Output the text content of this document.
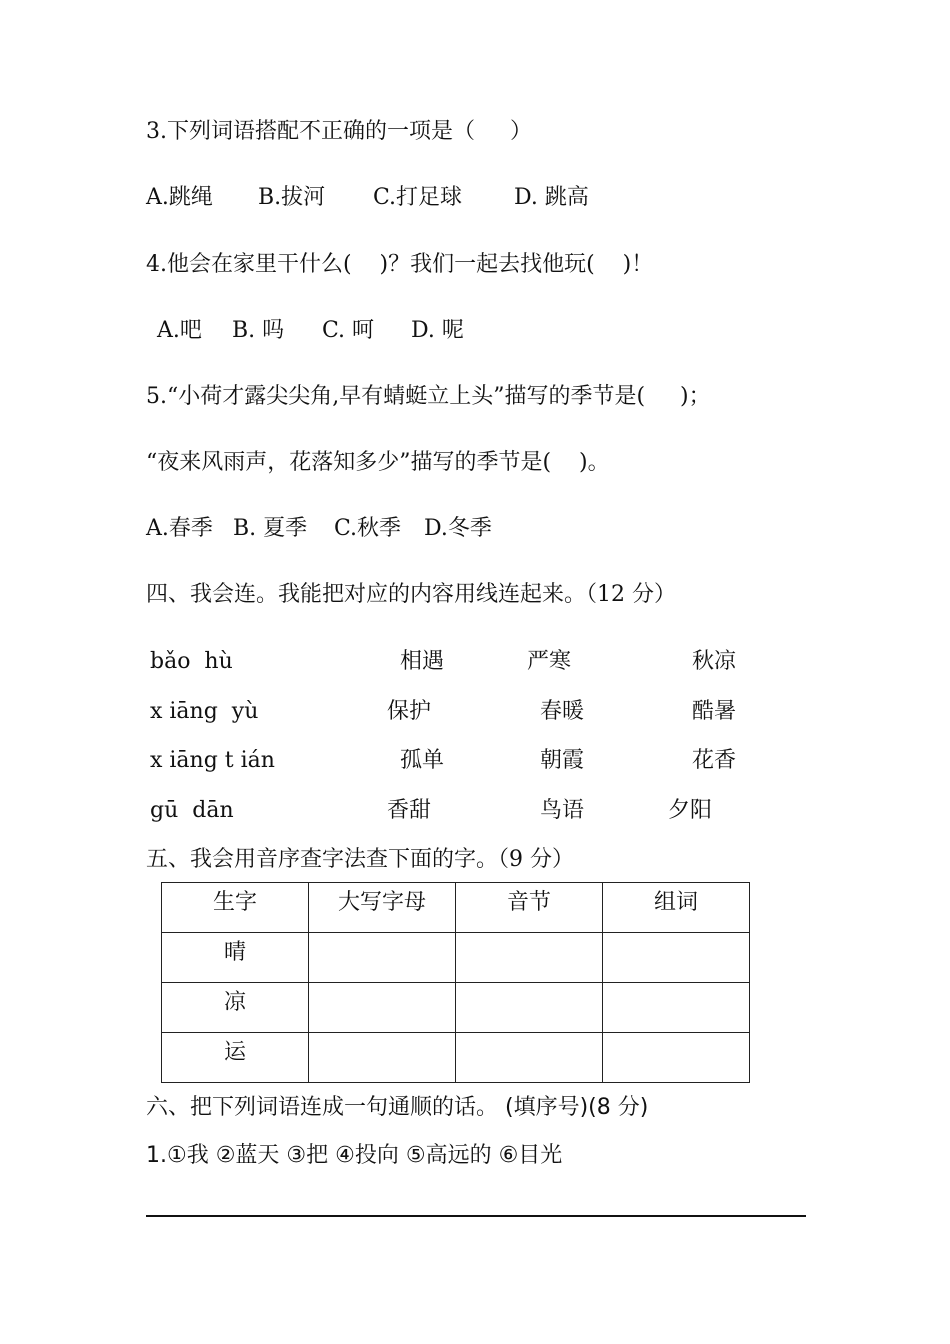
3.下列词语搭配不正确的一项是（     ）
A.跳绳 B.拔河 C.打足球 D. 跳高
4.他会在家里干什么(    )？我们一起去找他玩(    )！
A.吧 B. 吗 C. 呵 D. 呢
5.“小荷才露尖尖角,早有蜻蜓立上头”描写的季节是(     )；
“夜来风雨声，花落知多少”描写的季节是(    )。
A.春季 B. 夏季 C.秋季 D.冬季
四、我会连。我能把对应的内容用线连起来。（12 分）
bǎo  hù	相遇	严寒	秋凉
x iāng  yù	保护	春暖	酷暑
x iāng t ián	孤单	朝霞	花香
gū  dān	香甜	鸟语	夕阳
五、我会用音序查字法查下面的字。（9 分）
生字	大写字母	音节	组词
晴			
凉			
运			
六、把下列词语连成一句通顺的话。 (填序号)(8 分)
1.①我 ②蓝天 ③把 ④投向 ⑤高远的 ⑥目光
